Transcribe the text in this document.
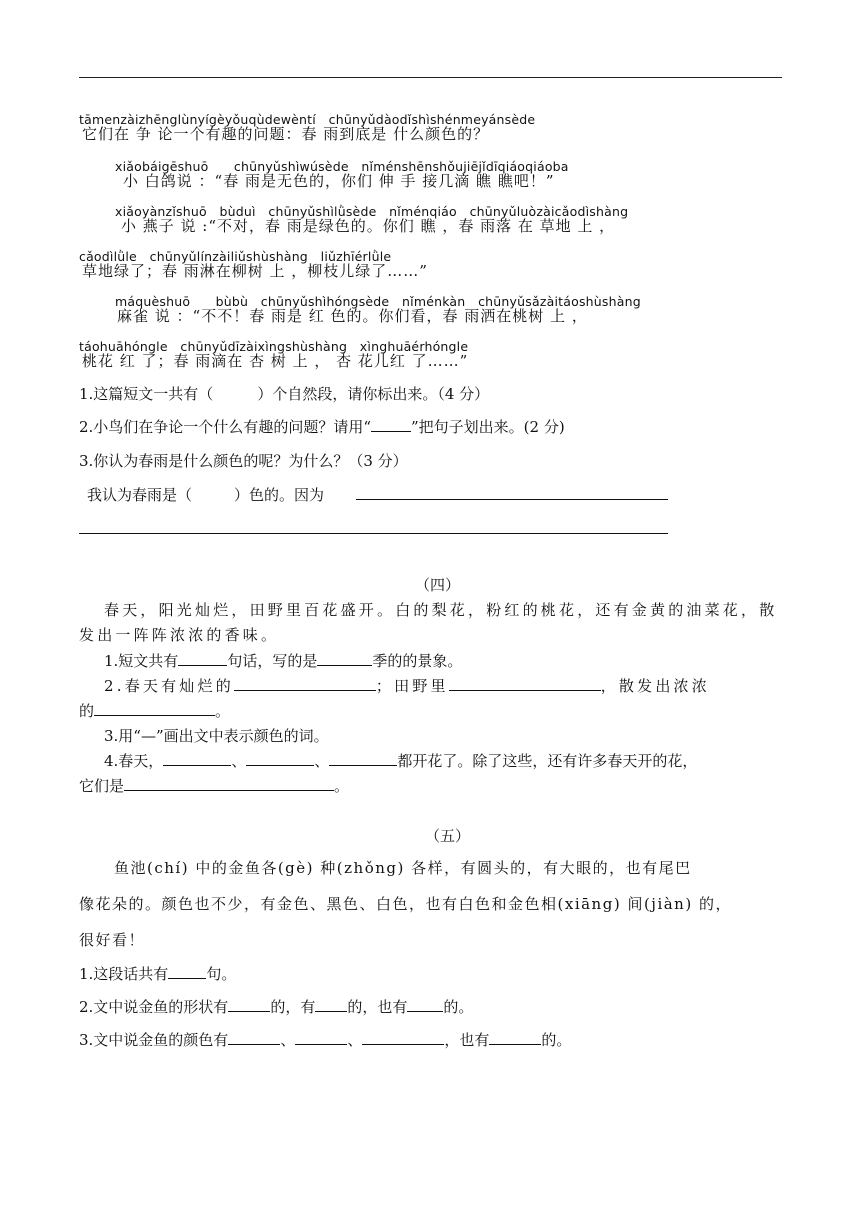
tāmenzàizhēnglùnyígèyǒuqùdewèntí　chūnyǔdàodǐshìshénmeyánsède
它们在 争 论一个有趣的问题：春 雨到底是 什么颜色的？
xiǎobáigēshuō　　chūnyǔshìwúsède　nǐménshēnshǒujiējǐdīqiáoqiáoba
小 白鸽说 ：“春 雨是无色的，你们 伸 手 接几滴 瞧 瞧吧！”
xiǎoyànzǐshuō　bùduì　chūnyǔshìlǜsède　nǐménqiáo　chūnyǔluòzàicǎodìshàng
小 燕子 说 :“不对，春 雨是绿色的。你们 瞧 ，春 雨落 在 草地 上 ，
cǎodìlǜle　chūnyǔlínzàiliǔshùshàng　liǔzhīérlǜle
草地绿了；春 雨淋在柳树 上 ，柳枝儿绿了……”
máquèshuō　　bùbù　chūnyǔshìhóngsède　nǐménkàn　chūnyǔsǎzàitáoshùshàng
麻雀 说 ：“不不！春 雨是 红 色的。你们看，春 雨洒在桃树 上 ，
táohuāhóngle　chūnyǔdīzàixìngshùshàng　xìnghuāérhóngle
桃花 红 了；春 雨滴在 杏 树 上 ， 杏 花儿红 了……”
1.这篇短文一共有（	）个自然段，请你标出来。（4 分）
2.小鸟们在争论一个什么有趣的问题？请用“	”把句子划出来。(2 分)
3.你认为春雨是什么颜色的呢？为什么？（3 分）
我认为春雨是（	）色的。因为
（四）
春天，阳光灿烂，田野里百花盛开。白的梨花，粉红的桃花，还有金黄的油菜花，散
发出一阵阵浓浓的香味。
1.短文共有	句话，写的是	季的的景象。
2.春天有灿烂的	；田野里	，散发出浓浓
的	。
3.用“—”画出文中表示颜色的词。
4.春天，	、	、	都开花了。除了这些，还有许多春天开的花，
它们是	。
（五）
鱼池(chí) 中的金鱼各(gè) 种(zhǒng) 各样，有圆头的，有大眼的，也有尾巴
像花朵的。颜色也不少，有金色、黑色、白色，也有白色和金色相(xiāng) 间(jiàn) 的，
很好看！
1.这段话共有	句。
2.文中说金鱼的形状有	的，有 的，也有 的。
3.文中说金鱼的颜色有	、	、	，也有	的。
